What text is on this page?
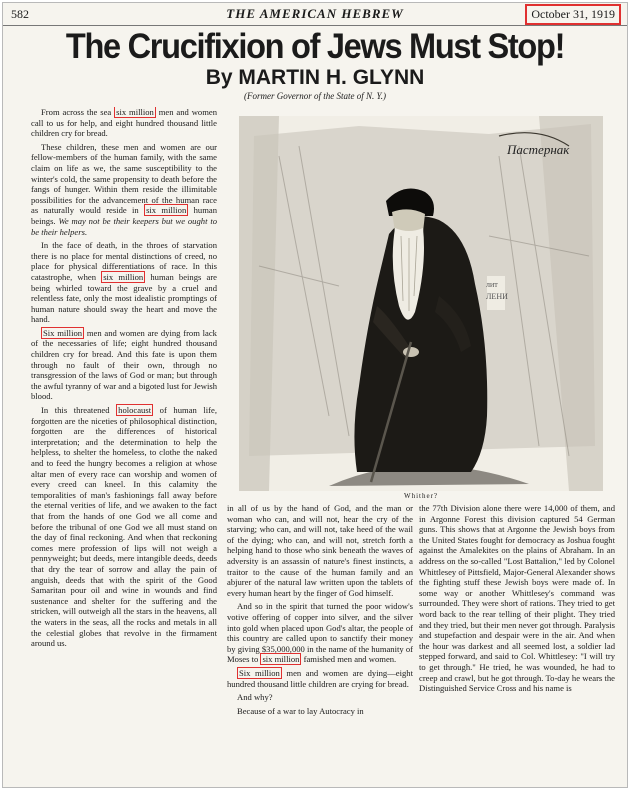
582	THE AMERICAN HEBREW	October 31, 1919
The Crucifixion of Jews Must Stop!
By MARTIN H. GLYNN
(Former Governor of the State of N. Y.)

From across the sea six million men and women call to us for help, and eight hundred thousand little children cry for bread.

These children, these men and women are our fellow-members of the human family, with the same claim on life as we, the same susceptibility to the winter's cold, the same propensity to death before the fangs of hunger. Within them reside the illimitable possibilities for the advancement of the human race as naturally would reside in six million human beings. We may not be their keepers but we ought to be their helpers.

In the face of death, in the throes of starvation there is no place for mental distinctions of creed, no place for physical differentiations of race. In this catastrophe, when six million human beings are being whirled toward the grave by a cruel and relentless fate, only the most idealistic promptings of human nature should sway the heart and move the hand.

Six million men and women are dying from lack of the necessaries of life; eight hundred thousand children cry for bread. And this fate is upon them through no fault of their own, through no transgression of the laws of God or man; but through the awful tyranny of war and a bigoted lust for Jewish blood.

In this threatened holocaust of human life, forgotten are the niceties of philosophical distinction, forgotten are the differences of historical interpretation; and the determination to help the helpless, to shelter the homeless, to clothe the naked and to feed the hungry becomes a religion at whose altar men of every race can worship and women of every creed can kneel. In this calamity the temporalities of man's fashionings fall away before the eternal verities of life, and we awaken to the fact that from the hands of one God we all come and before the tribunal of one God we all must stand on the day of final reckoning. And when that reckoning comes mere profession of lips will not weigh a pennyweight; but deeds, mere intangible deeds, deeds that dry the tear of sorrow and allay the pain of anguish, deeds that with the spirit of the Good Samaritan pour oil and wine in wounds and find sustenance and shelter for the suffering and the stricken, will outweigh all the stars in the heavens, all the waters in the seas, all the rocks and metals in all the celestial globes that revolve in the firmament around us.

лит
ЛЕНИ
Пастернак
Whither?

in all of us by the hand of God, and the man or woman who can, and will not, hear the cry of the starving; who can, and will not, take heed of the wail of the dying; who can, and will not, stretch forth a helping hand to those who sink beneath the waves of adversity is an assassin of nature's finest instincts, a traitor to the cause of the human family and an abjurer of the natural law written upon the tablets of every human heart by the finger of God himself.

And so in the spirit that turned the poor widow's votive offering of copper into silver, and the silver into gold when placed upon God's altar, the people of this country are called upon to sanctify their money by giving $35,000,000 in the name of the humanity of Moses to six million famished men and women.

Six million men and women are dying—eight hundred thousand little children are crying for bread.

And why?

Because of a war to lay Autocracy in

the 77th Division alone there were 14,000 of them, and in Argonne Forest this division captured 54 German guns. This shows that at Argonne the Jewish boys from the United States fought for democracy as Joshua fought against the Amalekites on the plains of Abraham. In an address on the so-called "Lost Battalion," led by Colonel Whittlesey of Pittsfield, Major-General Alexander shows the fighting stuff these Jewish boys were made of. In some way or another Whittlesey's command was surrounded. They were short of rations. They tried to get word back to the rear telling of their plight. They tried and they tried, but their men never got through. Paralysis and stupefaction and despair were in the air. And when the hour was darkest and all seemed lost, a soldier lad stepped forward, and said to Col. Whittlesey: "I will try to get through." He tried, he was wounded, he had to creep and crawl, but he got through. To-day he wears the Distinguished Service Cross and his name is
